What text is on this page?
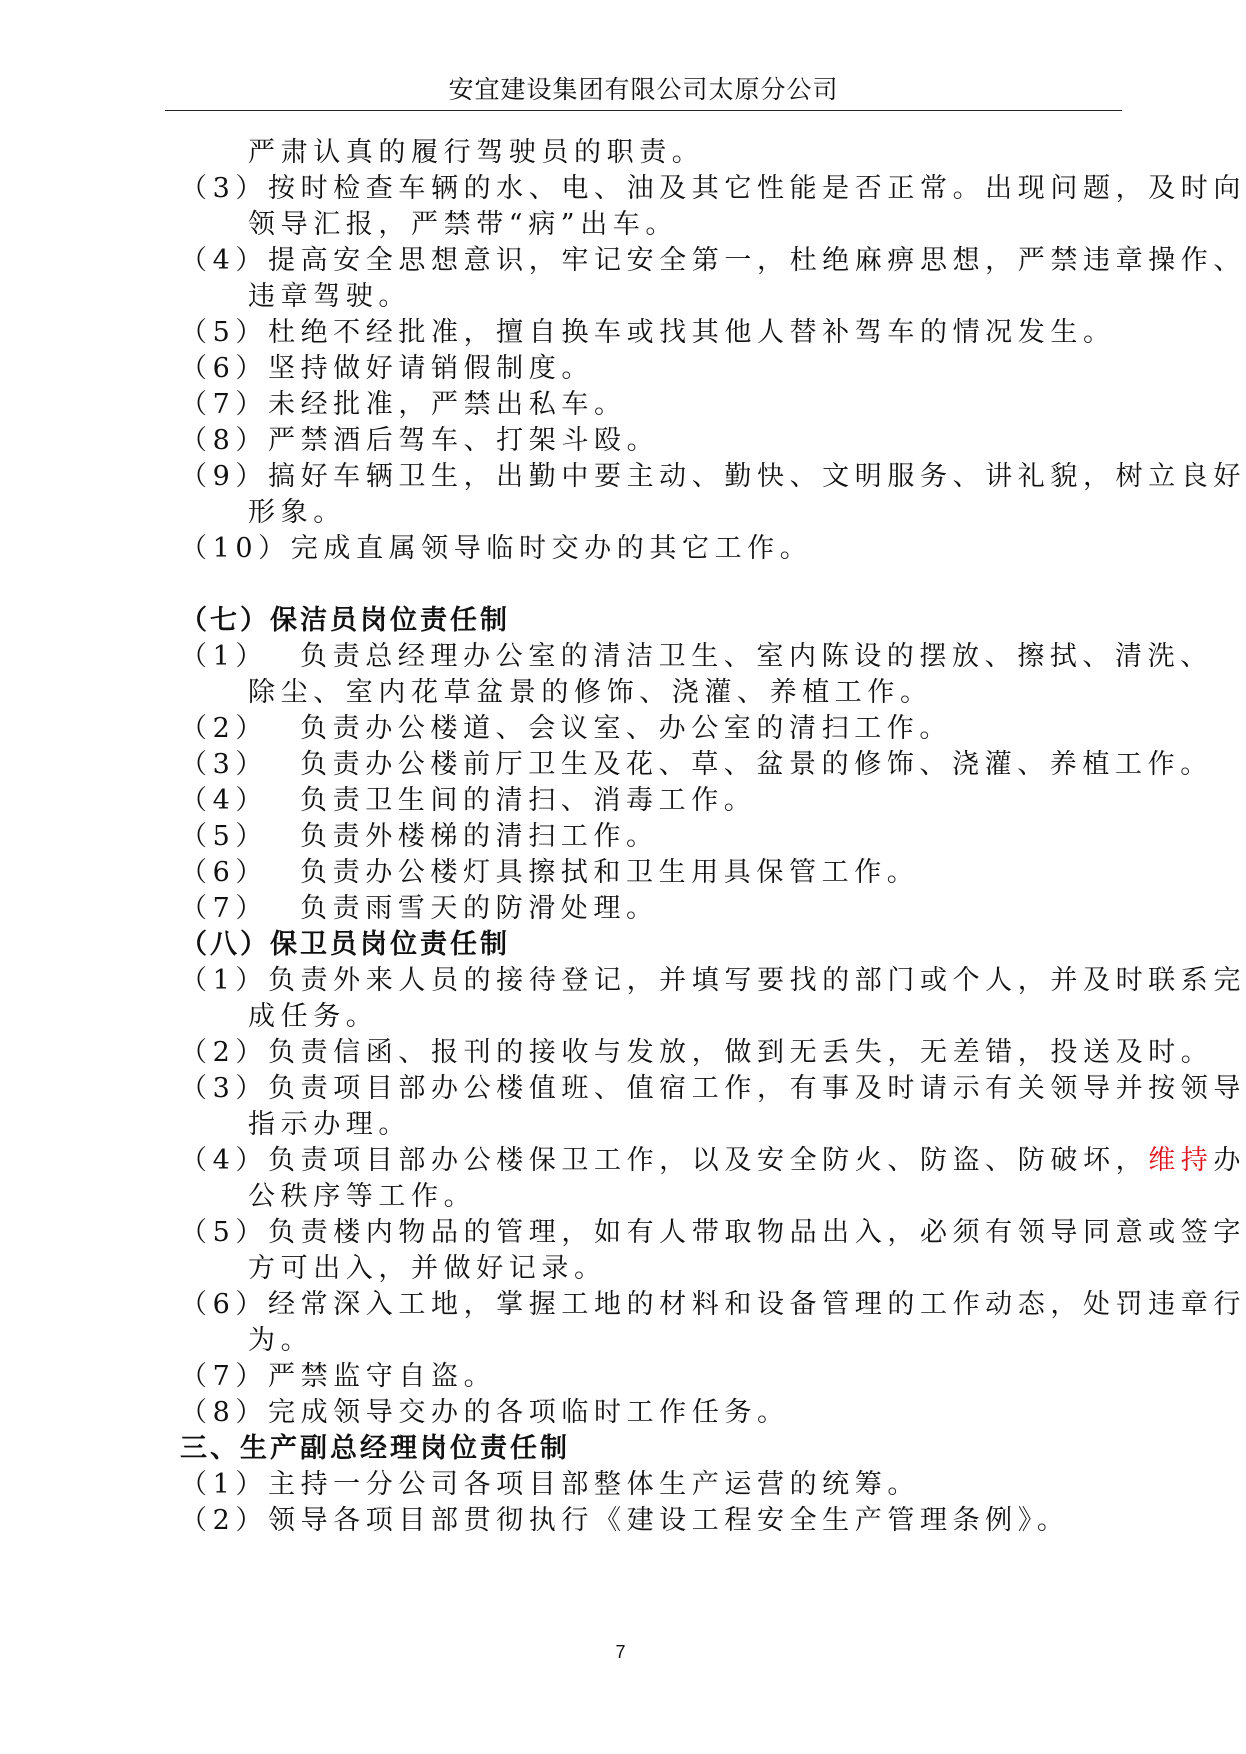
安宜建设集团有限公司太原分公司
严肃认真的履行驾驶员的职责。
（3）按时检查车辆的水、电、油及其它性能是否正常。出现问题，及时向
领导汇报，严禁带“病”出车。
（4）提高安全思想意识，牢记安全第一，杜绝麻痹思想，严禁违章操作、
违章驾驶。
（5）杜绝不经批准，擅自换车或找其他人替补驾车的情况发生。
（6）坚持做好请销假制度。
（7）未经批准，严禁出私车。
（8）严禁酒后驾车、打架斗殴。
（9）搞好车辆卫生，出勤中要主动、勤快、文明服务、讲礼貌，树立良好
形象。
（10）完成直属领导临时交办的其它工作。
（七）保洁员岗位责任制
（1） 负责总经理办公室的清洁卫生、室内陈设的摆放、擦拭、清洗、
除尘、室内花草盆景的修饰、浇灌、养植工作。
（2） 负责办公楼道、会议室、办公室的清扫工作。
（3） 负责办公楼前厅卫生及花、草、盆景的修饰、浇灌、养植工作。
（4） 负责卫生间的清扫、消毒工作。
（5） 负责外楼梯的清扫工作。
（6） 负责办公楼灯具擦拭和卫生用具保管工作。
（7） 负责雨雪天的防滑处理。
（八）保卫员岗位责任制
（1）负责外来人员的接待登记，并填写要找的部门或个人，并及时联系完
成任务。
（2）负责信函、报刊的接收与发放，做到无丢失，无差错，投送及时。
（3）负责项目部办公楼值班、值宿工作，有事及时请示有关领导并按领导
指示办理。
（4）负责项目部办公楼保卫工作，以及安全防火、防盗、防破坏，维持办
公秩序等工作。
（5）负责楼内物品的管理，如有人带取物品出入，必须有领导同意或签字
方可出入，并做好记录。
（6）经常深入工地，掌握工地的材料和设备管理的工作动态，处罚违章行
为。
（7）严禁监守自盗。
（8）完成领导交办的各项临时工作任务。
三、生产副总经理岗位责任制
（1）主持一分公司各项目部整体生产运营的统筹。
（2）领导各项目部贯彻执行《建设工程安全生产管理条例》。
7
